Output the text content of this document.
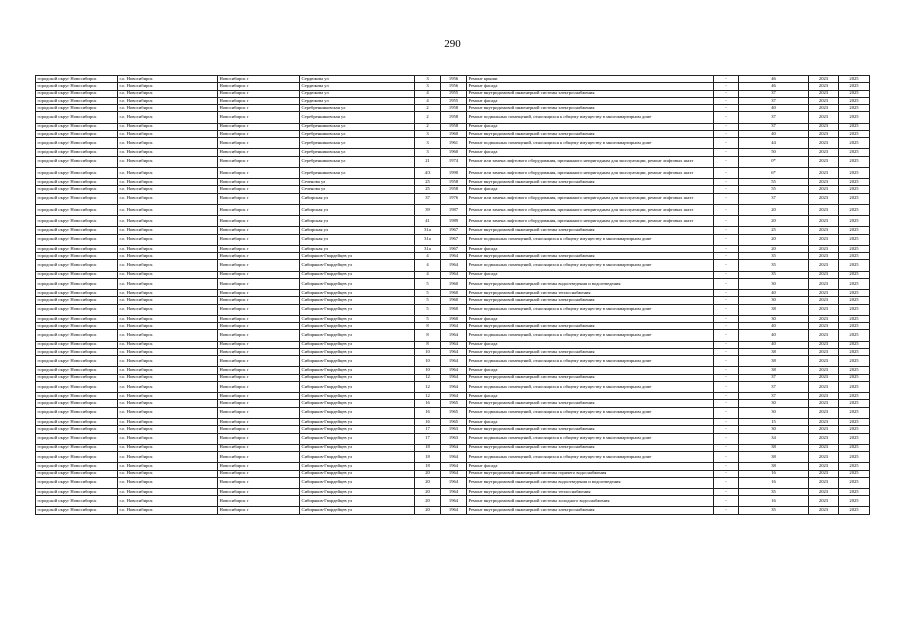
290
городской округ Новосибирск	г.о. Новосибирск	Новосибирск г	Сердюкова ул	3	1956	Ремонт крыши	-	46	2023	2025
городской округ Новосибирск	г.о. Новосибирск	Новосибирск г	Сердюкова ул	3	1956	Ремонт фасада	-	46	2023	2025
городской округ Новосибирск	г.о. Новосибирск	Новосибирск г	Сердюкова ул	4	1955	Ремонт внутридомовой инженерной системы электроснабжения	-	37	2023	2025
городской округ Новосибирск	г.о. Новосибирск	Новосибирск г	Сердюкова ул	4	1955	Ремонт фасада	-	37	2023	2025
городской округ Новосибирск	г.о. Новосибирск	Новосибирск г	Серебренниковская ул	2	1958	Ремонт внутридомовой инженерной системы электроснабжения	-	40	2023	2025
городской округ Новосибирск	г.о. Новосибирск	Новосибирск г	Серебренниковская ул	2	1958	Ремонт подвальных помещений, относящихся к общему имуществу в многоквартирном доме	-	37	2023	2025
городской округ Новосибирск	г.о. Новосибирск	Новосибирск г	Серебренниковская ул	2	1958	Ремонт фасада	-	37	2023	2025
городской округ Новосибирск	г.о. Новосибирск	Новосибирск г	Серебренниковская ул	3	1960	Ремонт внутридомовой инженерной системы электроснабжения	-	40	2023	2025
городской округ Новосибирск	г.о. Новосибирск	Новосибирск г	Серебренниковская ул	3	1961	Ремонт подвальных помещений, относящихся к общему имуществу в многоквартирном доме	-	44	2023	2025
городской округ Новосибирск	г.о. Новосибирск	Новосибирск г	Серебренниковская ул	3	1960	Ремонт фасада	-	50	2023	2025
городской округ Новосибирск	г.о. Новосибирск	Новосибирск г	Серебренниковская ул	21	1974	Ремонт или замена лифтового оборудования, признанного непригодным для эксплуатации, ремонт лифтовых шахт	-	0*	2023	2025
городской округ Новосибирск	г.о. Новосибирск	Новосибирск г	Серебренниковская ул	4/3	1990	Ремонт или замена лифтового оборудования, признанного непригодным для эксплуатации, ремонт лифтовых шахт	-	6*	2023	2025
городской округ Новосибирск	г.о. Новосибирск	Новосибирск г	Сеченова ул	25	1958	Ремонт внутридомовой инженерной системы электроснабжения	-	55	2023	2025
городской округ Новосибирск	г.о. Новосибирск	Новосибирск г	Сеченова ул	25	1958	Ремонт фасада	-	55	2023	2025
городской округ Новосибирск	г.о. Новосибирск	Новосибирск г	Сибирская ул	37	1976	Ремонт или замена лифтового оборудования, признанного непригодным для эксплуатации, ремонт лифтовых шахт	-	37	2023	2025
городской округ Новосибирск	г.о. Новосибирск	Новосибирск г	Сибирская ул	39	1987	Ремонт или замена лифтового оборудования, признанного непригодным для эксплуатации, ремонт лифтовых шахт	-	20	2023	2025
городской округ Новосибирск	г.о. Новосибирск	Новосибирск г	Сибирская ул	41	1989	Ремонт или замена лифтового оборудования, признанного непригодным для эксплуатации, ремонт лифтовых шахт	-	20	2023	2025
городской округ Новосибирск	г.о. Новосибирск	Новосибирск г	Сибирская ул	31а	1967	Ремонт внутридомовой инженерной системы электроснабжения	-	25	2023	2025
городской округ Новосибирск	г.о. Новосибирск	Новосибирск г	Сибирская ул	31а	1967	Ремонт подвальных помещений, относящихся к общему имуществу в многоквартирном доме	-	20	2023	2025
городской округ Новосибирск	г.о. Новосибирск	Новосибирск г	Сибирская ул	31а	1967	Ремонт фасада	-	20	2023	2025
городской округ Новосибирск	г.о. Новосибирск	Новосибирск г	Сибиряков-Гвардейцев ул	4	1964	Ремонт внутридомовой инженерной системы электроснабжения	-	35	2023	2025
городской округ Новосибирск	г.о. Новосибирск	Новосибирск г	Сибиряков-Гвардейцев ул	4	1964	Ремонт подвальных помещений, относящихся к общему имуществу в многоквартирном доме	-	35	2023	2025
городской округ Новосибирск	г.о. Новосибирск	Новосибирск г	Сибиряков-Гвардейцев ул	4	1964	Ремонт фасада	-	35	2023	2025
городской округ Новосибирск	г.о. Новосибирск	Новосибирск г	Сибиряков-Гвардейцев ул	5	1960	Ремонт внутридомовой инженерной системы водоотведения и водоотведения	-	30	2023	2025
городской округ Новосибирск	г.о. Новосибирск	Новосибирск г	Сибиряков-Гвардейцев ул	5	1960	Ремонт внутридомовой инженерной системы теплоснабжения	-	40	2023	2025
городской округ Новосибирск	г.о. Новосибирск	Новосибирск г	Сибиряков-Гвардейцев ул	5	1960	Ремонт внутридомовой инженерной системы электроснабжения	-	30	2023	2025
городской округ Новосибирск	г.о. Новосибирск	Новосибирск г	Сибиряков-Гвардейцев ул	5	1960	Ремонт подвальных помещений, относящихся к общему имуществу в многоквартирном доме	-	38	2023	2025
городской округ Новосибирск	г.о. Новосибирск	Новосибирск г	Сибиряков-Гвардейцев ул	5	1960	Ремонт фасада	-	30	2023	2025
городской округ Новосибирск	г.о. Новосибирск	Новосибирск г	Сибиряков-Гвардейцев ул	8	1964	Ремонт внутридомовой инженерной системы электроснабжения	-	40	2023	2025
городской округ Новосибирск	г.о. Новосибирск	Новосибирск г	Сибиряков-Гвардейцев ул	8	1964	Ремонт подвальных помещений, относящихся к общему имуществу в многоквартирном доме	-	40	2023	2025
городской округ Новосибирск	г.о. Новосибирск	Новосибирск г	Сибиряков-Гвардейцев ул	8	1964	Ремонт фасада	-	40	2023	2025
городской округ Новосибирск	г.о. Новосибирск	Новосибирск г	Сибиряков-Гвардейцев ул	10	1964	Ремонт внутридомовой инженерной системы электроснабжения	-	38	2023	2025
городской округ Новосибирск	г.о. Новосибирск	Новосибирск г	Сибиряков-Гвардейцев ул	10	1964	Ремонт подвальных помещений, относящихся к общему имуществу в многоквартирном доме	-	38	2023	2025
городской округ Новосибирск	г.о. Новосибирск	Новосибирск г	Сибиряков-Гвардейцев ул	10	1964	Ремонт фасада	-	38	2023	2025
городской округ Новосибирск	г.о. Новосибирск	Новосибирск г	Сибиряков-Гвардейцев ул	12	1964	Ремонт внутридомовой инженерной системы электроснабжения	-	37	2023	2025
городской округ Новосибирск	г.о. Новосибирск	Новосибирск г	Сибиряков-Гвардейцев ул	12	1964	Ремонт подвальных помещений, относящихся к общему имуществу в многоквартирном доме	-	37	2023	2025
городской округ Новосибирск	г.о. Новосибирск	Новосибирск г	Сибиряков-Гвардейцев ул	12	1964	Ремонт фасада	-	37	2023	2025
городской округ Новосибирск	г.о. Новосибирск	Новосибирск г	Сибиряков-Гвардейцев ул	16	1965	Ремонт внутридомовой инженерной системы электроснабжения	-	30	2023	2025
городской округ Новосибирск	г.о. Новосибирск	Новосибирск г	Сибиряков-Гвардейцев ул	16	1965	Ремонт подвальных помещений, относящихся к общему имуществу в многоквартирном доме	-	30	2023	2025
городской округ Новосибирск	г.о. Новосибирск	Новосибирск г	Сибиряков-Гвардейцев ул	16	1965	Ремонт фасада	-	15	2023	2025
городской округ Новосибирск	г.о. Новосибирск	Новосибирск г	Сибиряков-Гвардейцев ул	17	1963	Ремонт внутридомовой инженерной системы электроснабжения	-	30	2023	2025
городской округ Новосибирск	г.о. Новосибирск	Новосибирск г	Сибиряков-Гвардейцев ул	17	1963	Ремонт подвальных помещений, относящихся к общему имуществу в многоквартирном доме	-	34	2023	2025
городской округ Новосибирск	г.о. Новосибирск	Новосибирск г	Сибиряков-Гвардейцев ул	18	1964	Ремонт внутридомовой инженерной системы электроснабжения	-	38	2023	2025
городской округ Новосибирск	г.о. Новосибирск	Новосибирск г	Сибиряков-Гвардейцев ул	18	1964	Ремонт подвальных помещений, относящихся к общему имуществу в многоквартирном доме	-	38	2023	2025
городской округ Новосибирск	г.о. Новосибирск	Новосибирск г	Сибиряков-Гвардейцев ул	18	1964	Ремонт фасада	-	38	2023	2025
городской округ Новосибирск	г.о. Новосибирск	Новосибирск г	Сибиряков-Гвардейцев ул	20	1964	Ремонт внутридомовой инженерной системы горячего водоснабжения	-	16	2023	2025
городской округ Новосибирск	г.о. Новосибирск	Новосибирск г	Сибиряков-Гвардейцев ул	20	1964	Ремонт внутридомовой инженерной системы водоотведения и водоотведения	-	16	2023	2025
городской округ Новосибирск	г.о. Новосибирск	Новосибирск г	Сибиряков-Гвардейцев ул	20	1964	Ремонт внутридомовой инженерной системы теплоснабжения	-	35	2023	2025
городской округ Новосибирск	г.о. Новосибирск	Новосибирск г	Сибиряков-Гвардейцев ул	20	1964	Ремонт внутридомовой инженерной системы холодного водоснабжения	-	16	2023	2025
городской округ Новосибирск	г.о. Новосибирск	Новосибирск г	Сибиряков-Гвардейцев ул	20	1964	Ремонт внутридомовой инженерной системы электроснабжения	-	35	2023	2025
